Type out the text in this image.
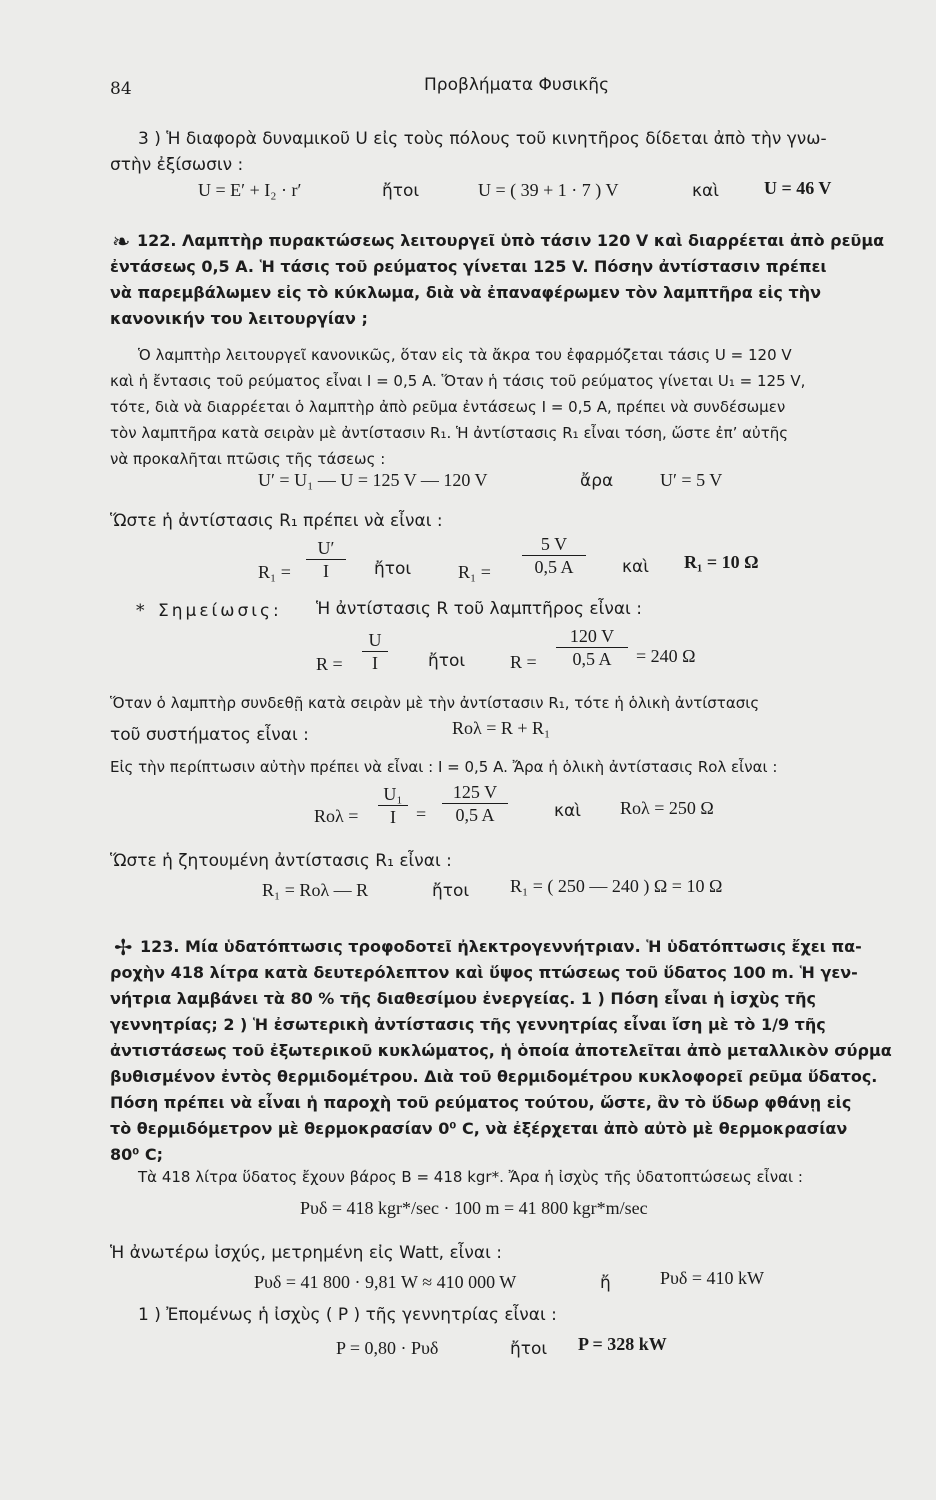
84	Προβλήματα Φυσικῆς
3 ) Ἡ διαφορὰ δυναμικοῦ U εἰς τοὺς πόλους τοῦ κινητῆρος δίδεται ἀπὸ τὴν γνω-
στὴν ἐξίσωσιν :
U = E′ + I₂ · r′	ἤτοι	U = ( 39 + 1 · 7 ) V	καὶ	U = 46 V
❧ 122. Λαμπτὴρ πυρακτώσεως λειτουργεῖ ὑπὸ τάσιν 120 V καὶ διαρρέεται ἀπὸ ρεῦμα
ἐντάσεως 0,5 A. Ἡ τάσις τοῦ ρεύματος γίνεται 125 V. Πόσην ἀντίστασιν πρέπει
νὰ παρεμβάλωμεν εἰς τὸ κύκλωμα, διὰ νὰ ἐπαναφέρωμεν τὸν λαμπτῆρα εἰς τὴν
κανονικήν του λειτουργίαν ;
Ὁ λαμπτὴρ λειτουργεῖ κανονικῶς, ὅταν εἰς τὰ ἄκρα του ἐφαρμόζεται τάσις U = 120 V
καὶ ἡ ἔντασις τοῦ ρεύματος εἶναι I = 0,5 A. Ὅταν ἡ τάσις τοῦ ρεύματος γίνεται U₁ = 125 V,
τότε, διὰ νὰ διαρρέεται ὁ λαμπτὴρ ἀπὸ ρεῦμα ἐντάσεως I = 0,5 A, πρέπει νὰ συνδέσωμεν
τὸν λαμπτῆρα κατὰ σειρὰν μὲ ἀντίστασιν R₁. Ἡ ἀντίστασις R₁ εἶναι τόση, ὥστε ἐπ’ αὐτῆς
νὰ προκαλῆται πτῶσις τῆς τάσεως :
U′ = U₁ — U = 125 V — 120 V	ἄρα	U′ = 5 V
Ὥστε ἡ ἀντίστασις R₁ πρέπει νὰ εἶναι :
R₁ =
U′
I	ἤτοι	R₁ =
5 V
0,5 A	καὶ R₁ = 10 Ω
* Σημείωσις: Ἡ ἀντίστασις R τοῦ λαμπτῆρος εἶναι :
R =
U
I	ἤτοι R =
120 V
0,5 A	= 240 Ω
Ὅταν ὁ λαμπτὴρ συνδεθῇ κατὰ σειρὰν μὲ τὴν ἀντίστασιν R₁, τότε ἡ ὁλικὴ ἀντίστασις
τοῦ συστήματος εἶναι :	Rολ = R + R₁
Εἰς τὴν περίπτωσιν αὐτὴν πρέπει νὰ εἶναι : I = 0,5 A. Ἄρα ἡ ὁλικὴ ἀντίστασις Rολ εἶναι :
Rολ =
U₁
I	=
125 V
0,5 A	καὶ Rολ = 250 Ω
Ὥστε ἡ ζητουμένη ἀντίστασις R₁ εἶναι :
R₁ = Rολ — R	ἤτοι R₁ = ( 250 — 240 ) Ω = 10 Ω
✢ 123. Μία ὑδατόπτωσις τροφοδοτεῖ ἠλεκτρογεννήτριαν. Ἡ ὑδατόπτωσις ἔχει πα-
ροχὴν 418 λίτρα κατὰ δευτερόλεπτον καὶ ὕψος πτώσεως τοῦ ὕδατος 100 m. Ἡ γεν-
νήτρια λαμβάνει τὰ 80 % τῆς διαθεσίμου ἐνεργείας. 1 ) Πόση εἶναι ἡ ἰσχὺς τῆς
γεννητρίας; 2 ) Ἡ ἐσωτερικὴ ἀντίστασις τῆς γεννητρίας εἶναι ἴση μὲ τὸ 1/9 τῆς
ἀντιστάσεως τοῦ ἐξωτερικοῦ κυκλώματος, ἡ ὁποία ἀποτελεῖται ἀπὸ μεταλλικὸν σύρμα
βυθισμένον ἐντὸς θερμιδομέτρου. Διὰ τοῦ θερμιδομέτρου κυκλοφορεῖ ρεῦμα ὕδατος.
Πόση πρέπει νὰ εἶναι ἡ παροχὴ τοῦ ρεύματος τούτου, ὥστε, ἂν τὸ ὕδωρ φθάνῃ εἰς
τὸ θερμιδόμετρον μὲ θερμοκρασίαν 0⁰ C, νὰ ἐξέρχεται ἀπὸ αὐτὸ μὲ θερμοκρασίαν
80⁰ C;
Τὰ 418 λίτρα ὕδατος ἔχουν βάρος B = 418 kgr*. Ἄρα ἡ ἰσχὺς τῆς ὑδατοπτώσεως εἶναι :
Pυδ = 418 kgr*/sec · 100 m = 41 800 kgr*m/sec
Ἡ ἀνωτέρω ἰσχύς, μετρημένη εἰς Watt, εἶναι :
Pυδ = 41 800 · 9,81 W ≈ 410 000 W	ἤ	Pυδ = 410 kW
1 ) Ἐπομένως ἡ ἰσχὺς ( P ) τῆς γεννητρίας εἶναι :
P = 0,80 · Pυδ	ἤτοι P = 328 kW
